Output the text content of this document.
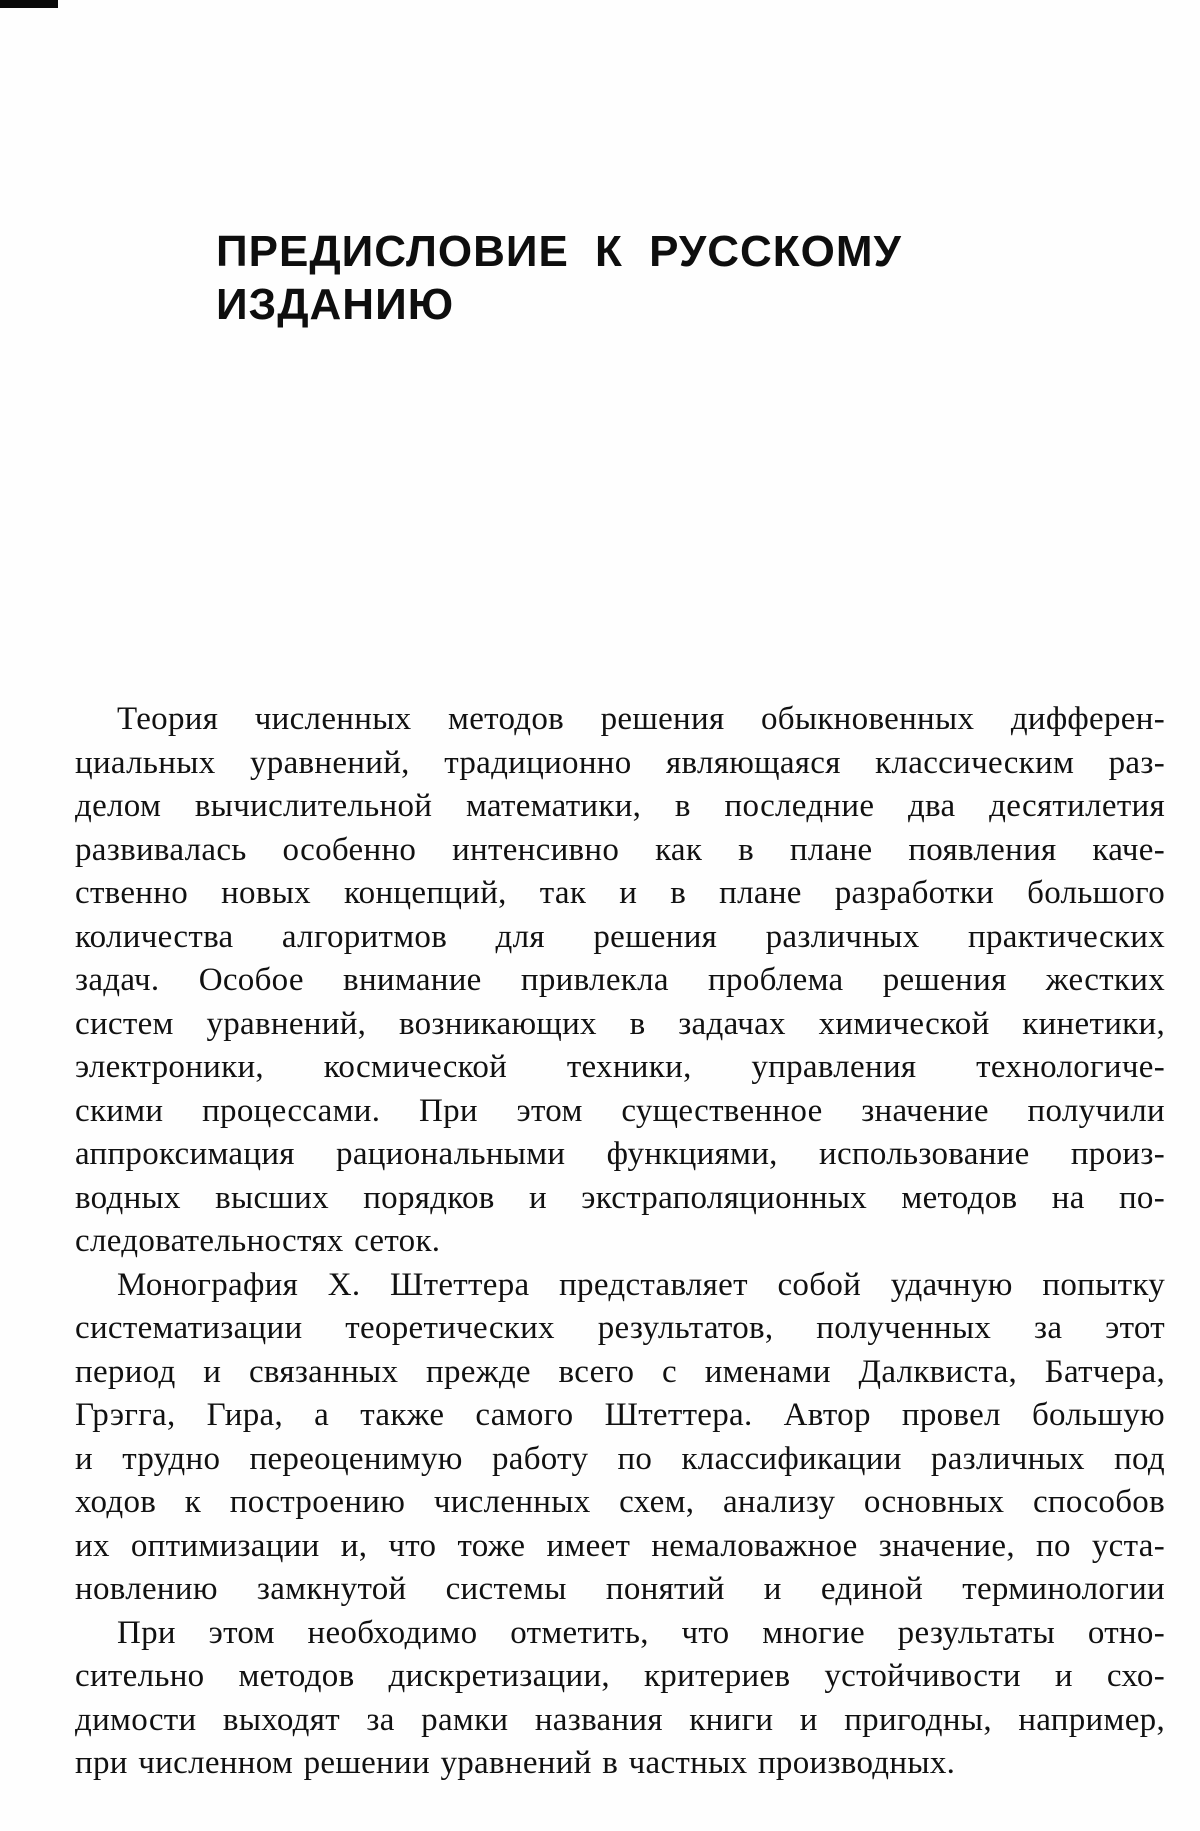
ПРЕДИСЛОВИЕ К РУССКОМУ
ИЗДАНИЮ
Теория численных методов решения обыкновенных дифферен-
циальных уравнений, традиционно являющаяся классическим раз-
делом вычислительной математики, в последние два десятилетия
развивалась особенно интенсивно как в плане появления каче-
ственно новых концепций, так и в плане разработки большого
количества алгоритмов для решения различных практических
задач. Особое внимание привлекла проблема решения жестких
систем уравнений, возникающих в задачах химической кинетики,
электроники, космической техники, управления технологиче-
скими процессами. При этом существенное значение получили
аппроксимация рациональными функциями, использование произ-
водных высших порядков и экстраполяционных методов на по-
следовательностях сеток.
Монография Х. Штеттера представляет собой удачную попытку
систематизации теоретических результатов, полученных за этот
период и связанных прежде всего с именами Далквиста, Батчера,
Грэгга, Гира, а также самого Штеттера. Автор провел большую
и трудно переоценимую работу по классификации различных под
ходов к построению численных схем, анализу основных способов
их оптимизации и, что тоже имеет немаловажное значение, по уста-
новлению замкнутой системы понятий и единой терминологии
При этом необходимо отметить, что многие результаты отно-
сительно методов дискретизации, критериев устойчивости и схо-
димости выходят за рамки названия книги и пригодны, например,
при численном решении уравнений в частных производных.
